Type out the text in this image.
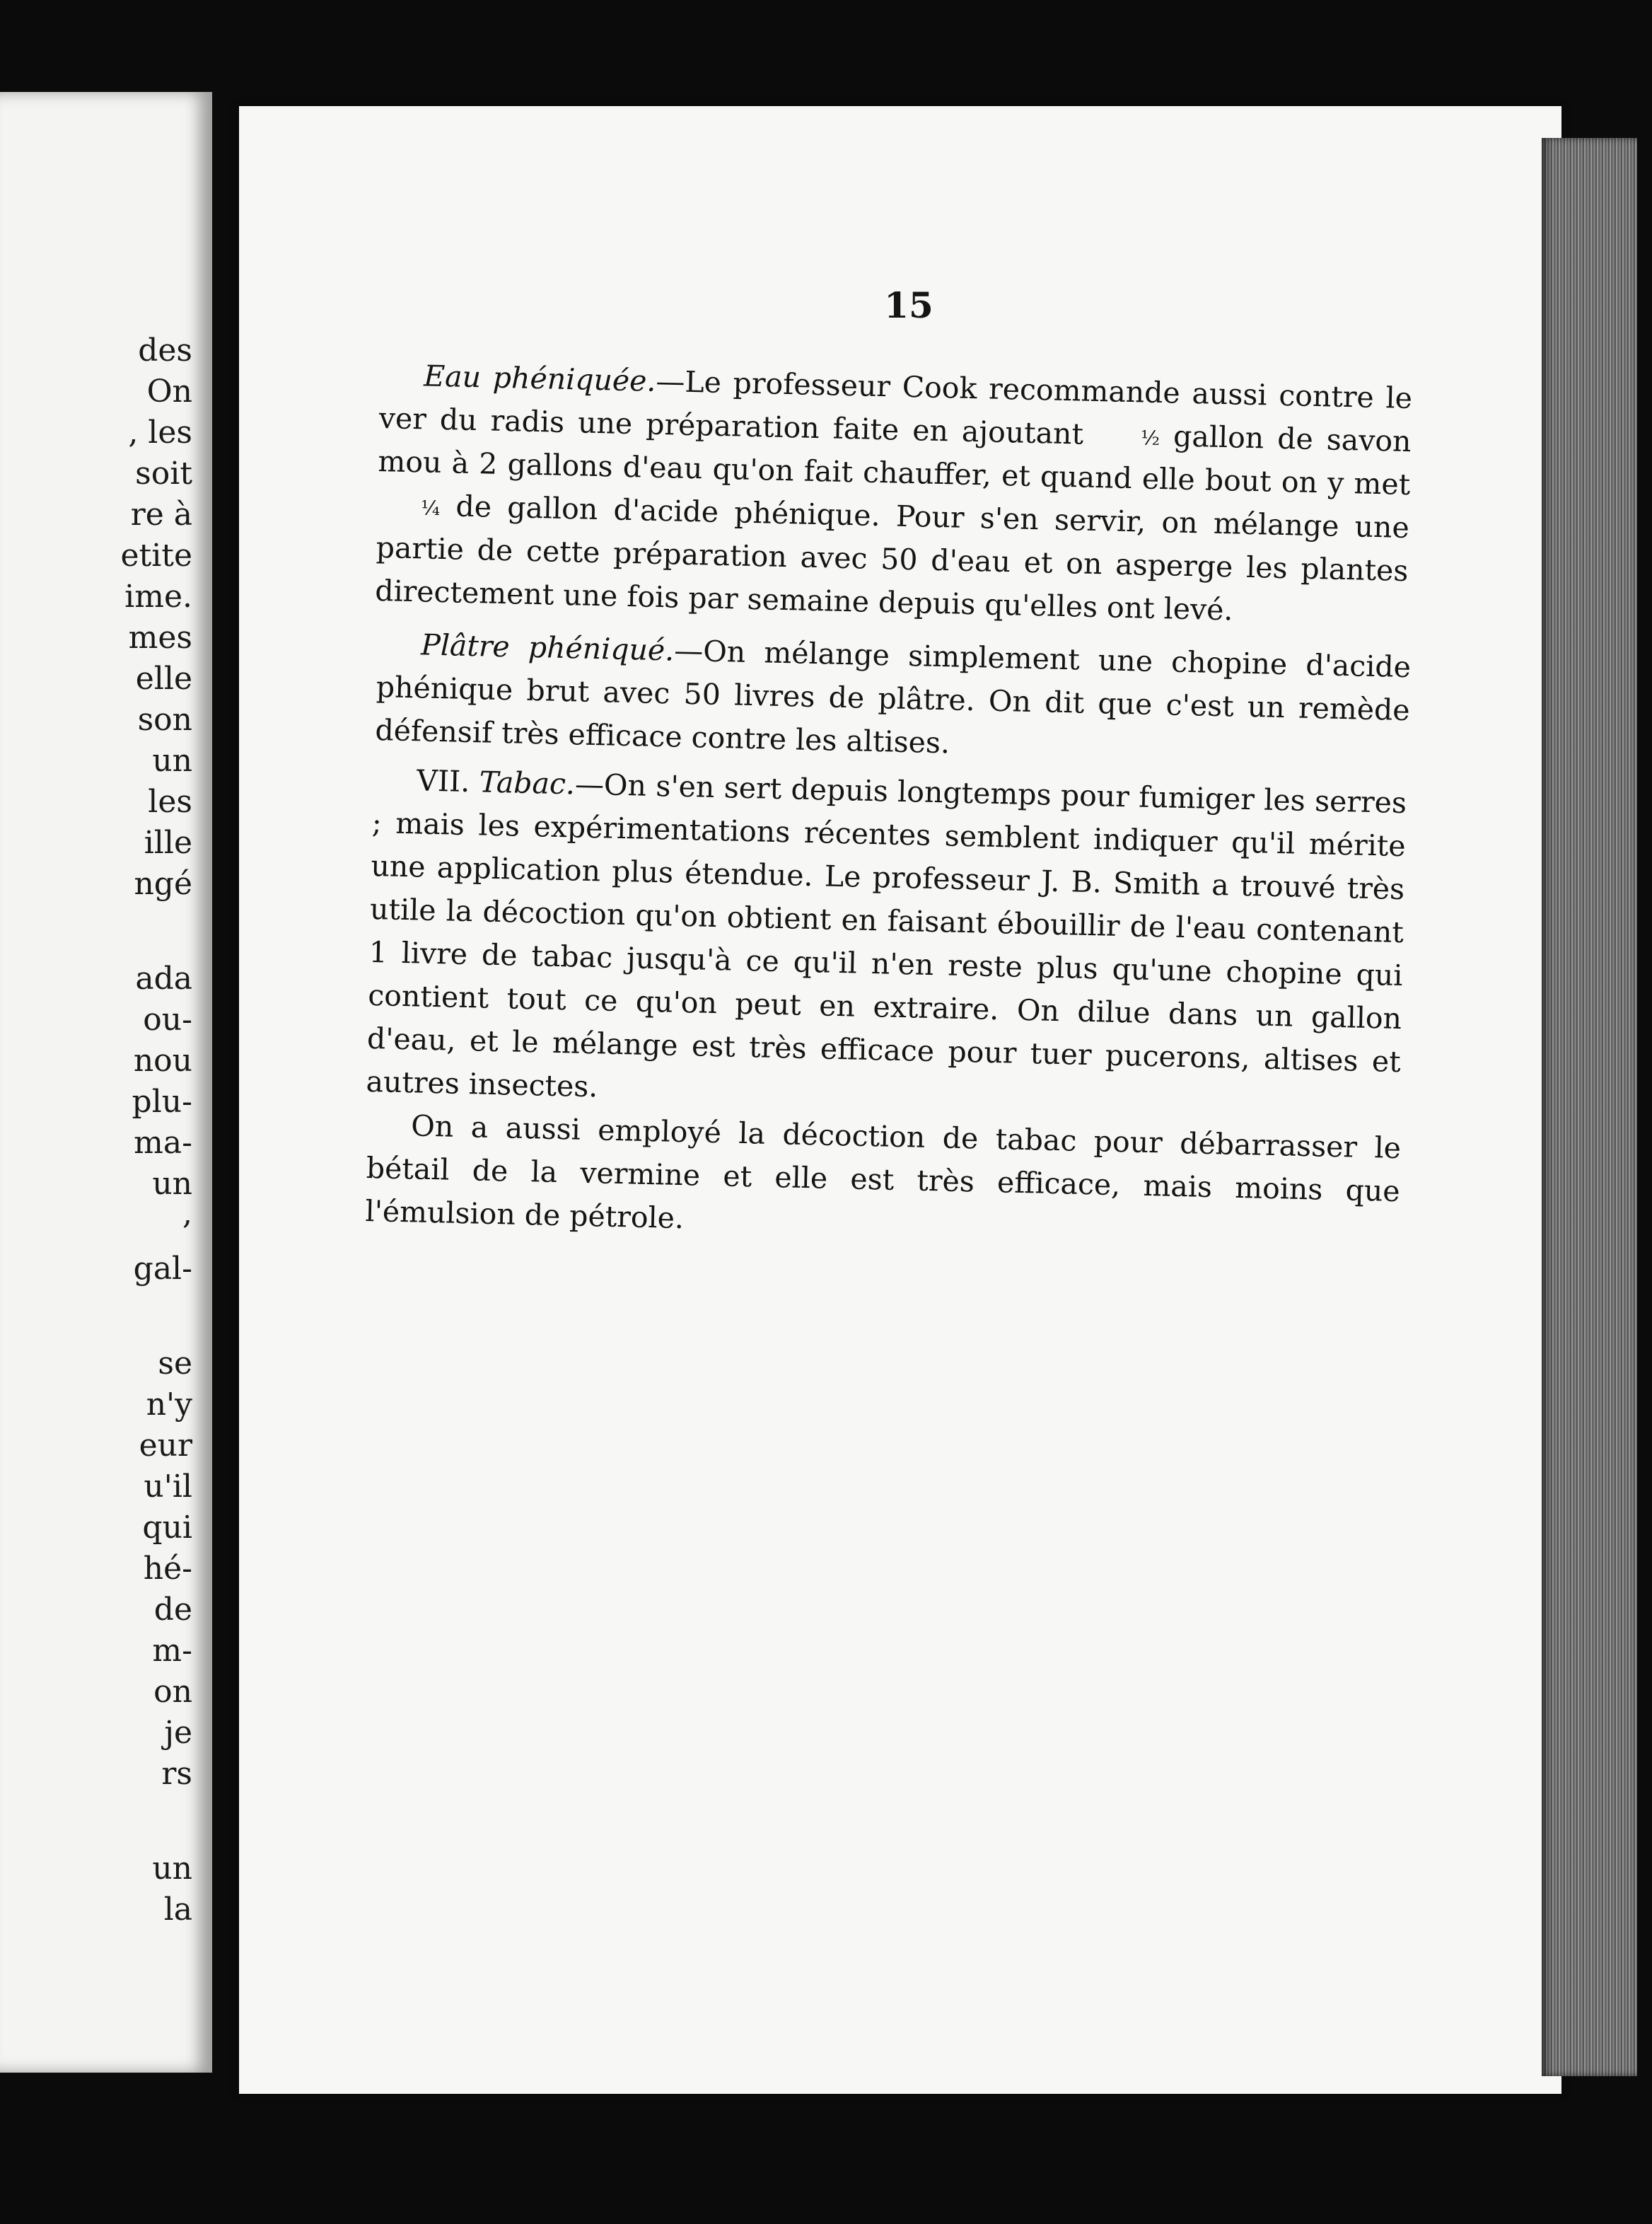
des
On
, les
soit
re à
etite
ime.
mes
elle
son
un
les
ille
ngé
ada
ou-
nou
plu-
ma-
un
,
gal-
se
n'y
eur
u'il
qui
hé-
de
m-
on
je
rs
un
la
15

Eau phéniquée.—Le professeur Cook recommande aussi contre le ver du radis une préparation faite en ajoutant	½ gallon de savon mou à 2 gallons d'eau qu'on fait chauffer, et quand elle bout on y met ¼ de gallon d'acide phénique. Pour s'en servir, on mélange une partie de cette préparation avec 50 d'eau et on asperge les plantes directement une fois par semaine depuis qu'elles ont levé.

Plâtre phéniqué.—On mélange simplement une chopine d'acide phénique brut avec 50 livres de plâtre. On dit que c'est un remède défensif très efficace contre les altises.

VII. Tabac.—On s'en sert depuis longtemps pour fumiger les serres ; mais les expérimentations récentes semblent indiquer qu'il mérite une application plus étendue. Le professeur J. B. Smith a trouvé très utile la décoction qu'on obtient en faisant ébouillir de l'eau contenant 1 livre de tabac jusqu'à ce qu'il n'en reste plus qu'une chopine qui contient tout ce qu'on peut en extraire. On dilue dans un gallon d'eau, et le mélange est très efficace pour tuer pucerons, altises et autres insectes.

On a aussi employé la décoction de tabac pour débarrasser le bétail de la vermine et elle est très efficace, mais moins que l'émulsion de pétrole.
